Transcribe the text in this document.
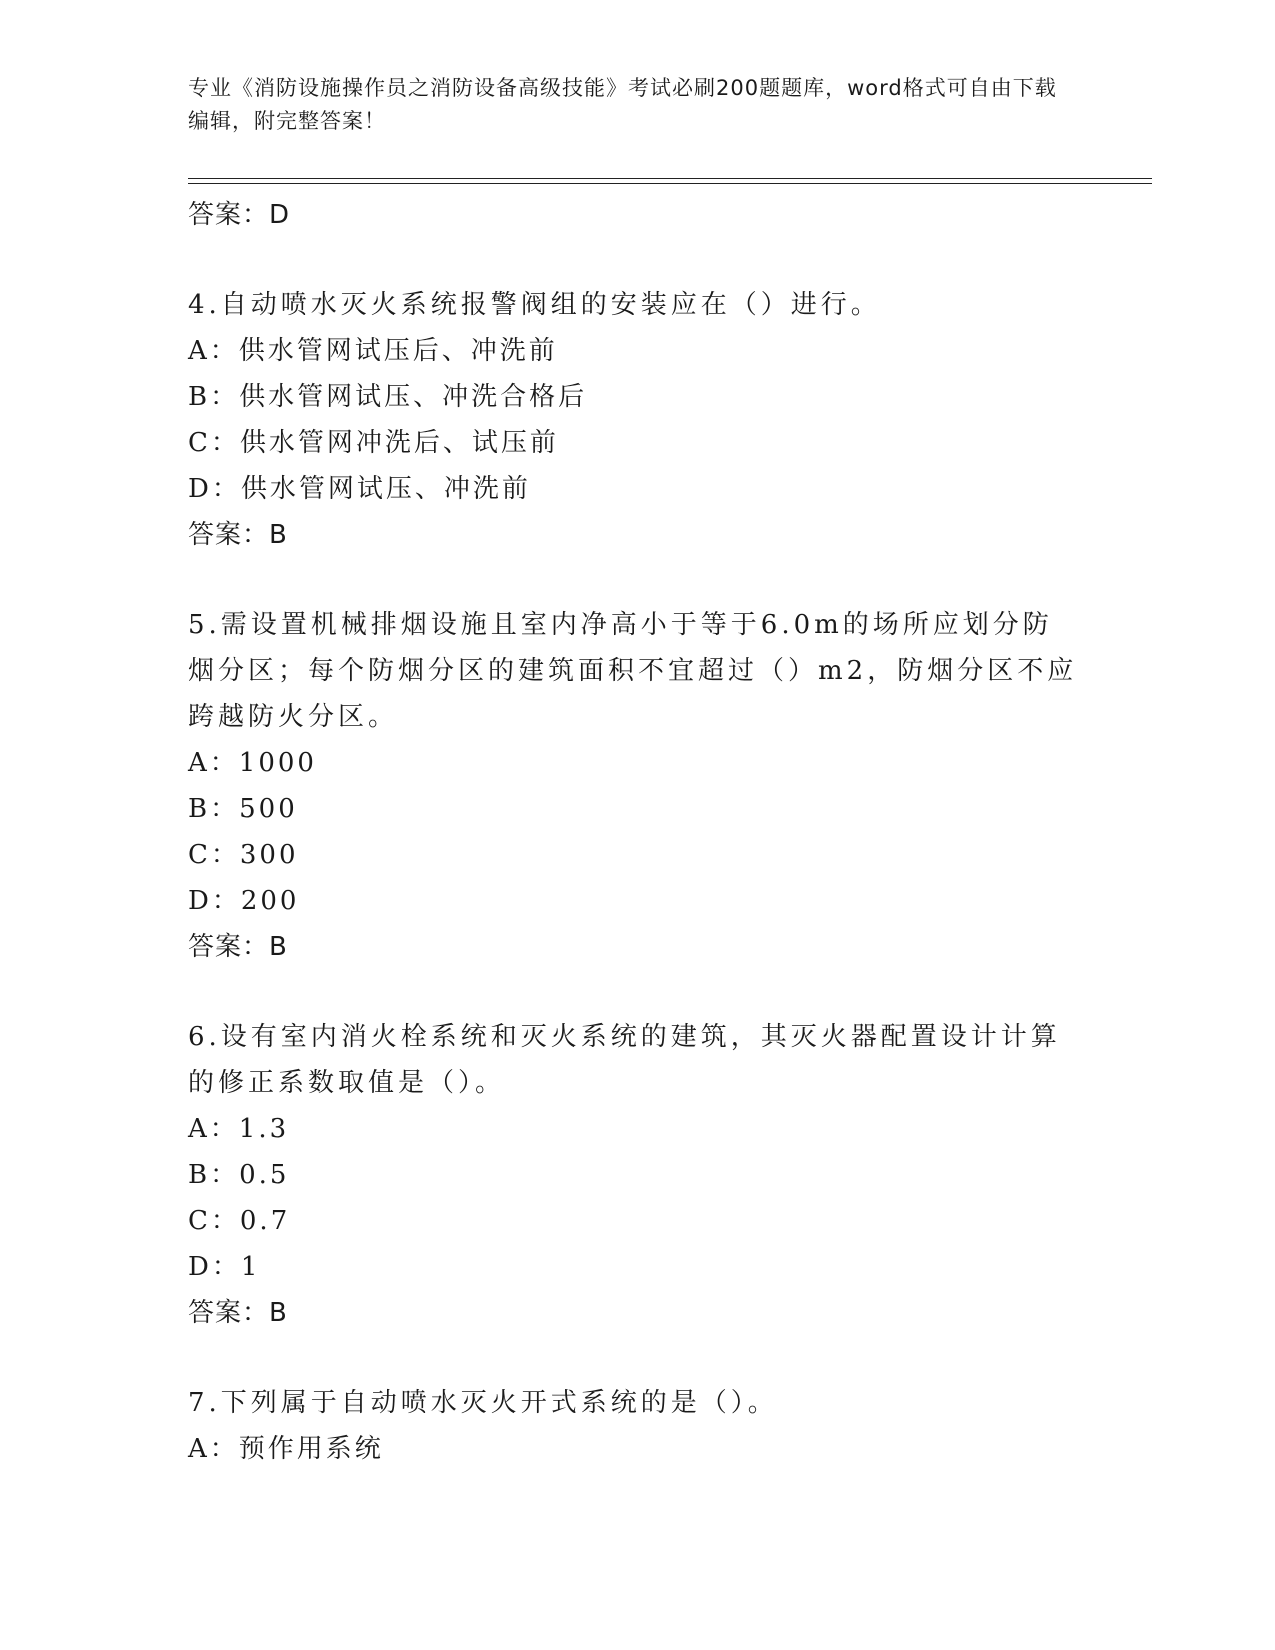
专业《消防设施操作员之消防设备高级技能》考试必刷200题题库，word格式可自由下载编辑，附完整答案！
答案：D
4.自动喷水灭火系统报警阀组的安装应在（）进行。
A：供水管网试压后、冲洗前
B：供水管网试压、冲洗合格后
C：供水管网冲洗后、试压前
D：供水管网试压、冲洗前
答案：B
5.需设置机械排烟设施且室内净高小于等于6.0m的场所应划分防烟分区；每个防烟分区的建筑面积不宜超过（）m2，防烟分区不应跨越防火分区。
A：1000
B：500
C：300
D：200
答案：B
6.设有室内消火栓系统和灭火系统的建筑，其灭火器配置设计计算的修正系数取值是（）。
A：1.3
B：0.5
C：0.7
D：1
答案：B
7.下列属于自动喷水灭火开式系统的是（）。
A：预作用系统
